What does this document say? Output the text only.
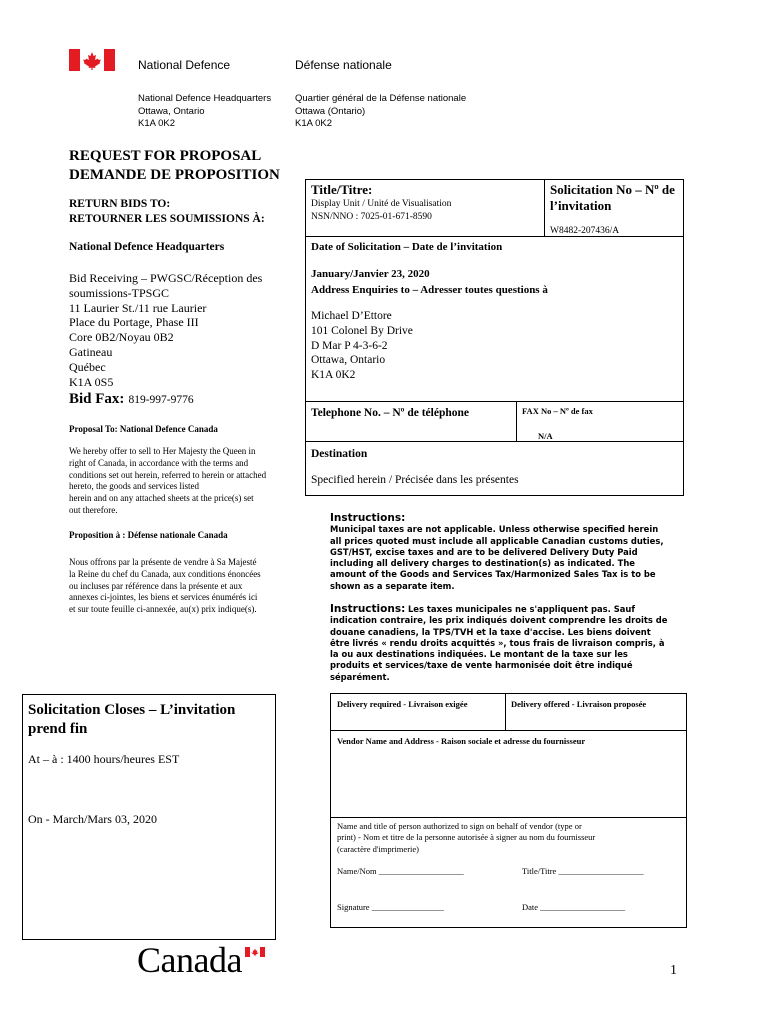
National Defence	Défense nationale
National Defence Headquarters
Ottawa, Ontario
K1A 0K2
Quartier général de la Défense nationale
Ottawa (Ontario)
K1A 0K2
REQUEST FOR PROPOSAL
DEMANDE DE PROPOSITION
RETURN BIDS TO:
RETOURNER LES SOUMISSIONS À:
National Defence Headquarters
Bid Receiving – PWGSC/Réception des
soumissions-TPSGC
11 Laurier St./11 rue Laurier
Place du Portage, Phase III
Core 0B2/Noyau 0B2
Gatineau
Québec
K1A 0S5
Bid Fax: 819-997-9776
Proposal To: National Defence Canada
We hereby offer to sell to Her Majesty the Queen in
right of Canada, in accordance with the terms and
conditions set out herein, referred to herein or attached
hereto, the goods and services listed
herein and on any attached sheets at the price(s) set
out therefore.
Proposition à : Défense nationale Canada
Nous offrons par la présente de vendre à Sa Majesté
la Reine du chef du Canada, aux conditions énoncées
ou incluses par référence dans la présente et aux
annexes ci-jointes, les biens et services énumérés ici
et sur toute feuille ci-annexée, au(x) prix indique(s).
Solicitation Closes – L’invitation prend fin
At – à : 1400 hours/heures EST
On - March/Mars 03, 2020
Title/Titre:
Display Unit / Unité de Visualisation
NSN/NNO : 7025-01-671-8590
Solicitation No – Nº de l’invitation
W8482-207436/A
Date of Solicitation – Date de l’invitation
January/Janvier 23, 2020
Address Enquiries to – Adresser toutes questions à
Michael D’Ettore
101 Colonel By Drive
D Mar P 4-3-6-2
Ottawa, Ontario
K1A 0K2
Telephone No. – Nº de téléphone	FAX No – Nº de fax
N/A
Destination
Specified herein / Précisée dans les présentes
Instructions:
Municipal taxes are not applicable. Unless otherwise specified herein all prices quoted must include all applicable Canadian customs duties, GST/HST, excise taxes and are to be delivered Delivery Duty Paid including all delivery charges to destination(s) as indicated. The amount of the Goods and Services Tax/Harmonized Sales Tax is to be shown as a separate item.
Instructions: Les taxes municipales ne s'appliquent pas. Sauf indication contraire, les prix indiqués doivent comprendre les droits de douane canadiens, la TPS/TVH et la taxe d'accise. Les biens doivent être livrés « rendu droits acquittés », tous frais de livraison compris, à la ou aux destinations indiquées. Le montant de la taxe sur les produits et services/taxe de vente harmonisée doit être indiqué séparément.
Delivery required - Livraison exigée	Delivery offered - Livraison proposée
Vendor Name and Address - Raison sociale et adresse du fournisseur
Name and title of person authorized to sign on behalf of vendor (type or
print) - Nom et titre de la personne autorisée à signer au nom du fournisseur
(caractère d'imprimerie)
Name/Nom ____________________	Title/Titre ____________________
Signature _________________	Date ____________________
Canada	1
